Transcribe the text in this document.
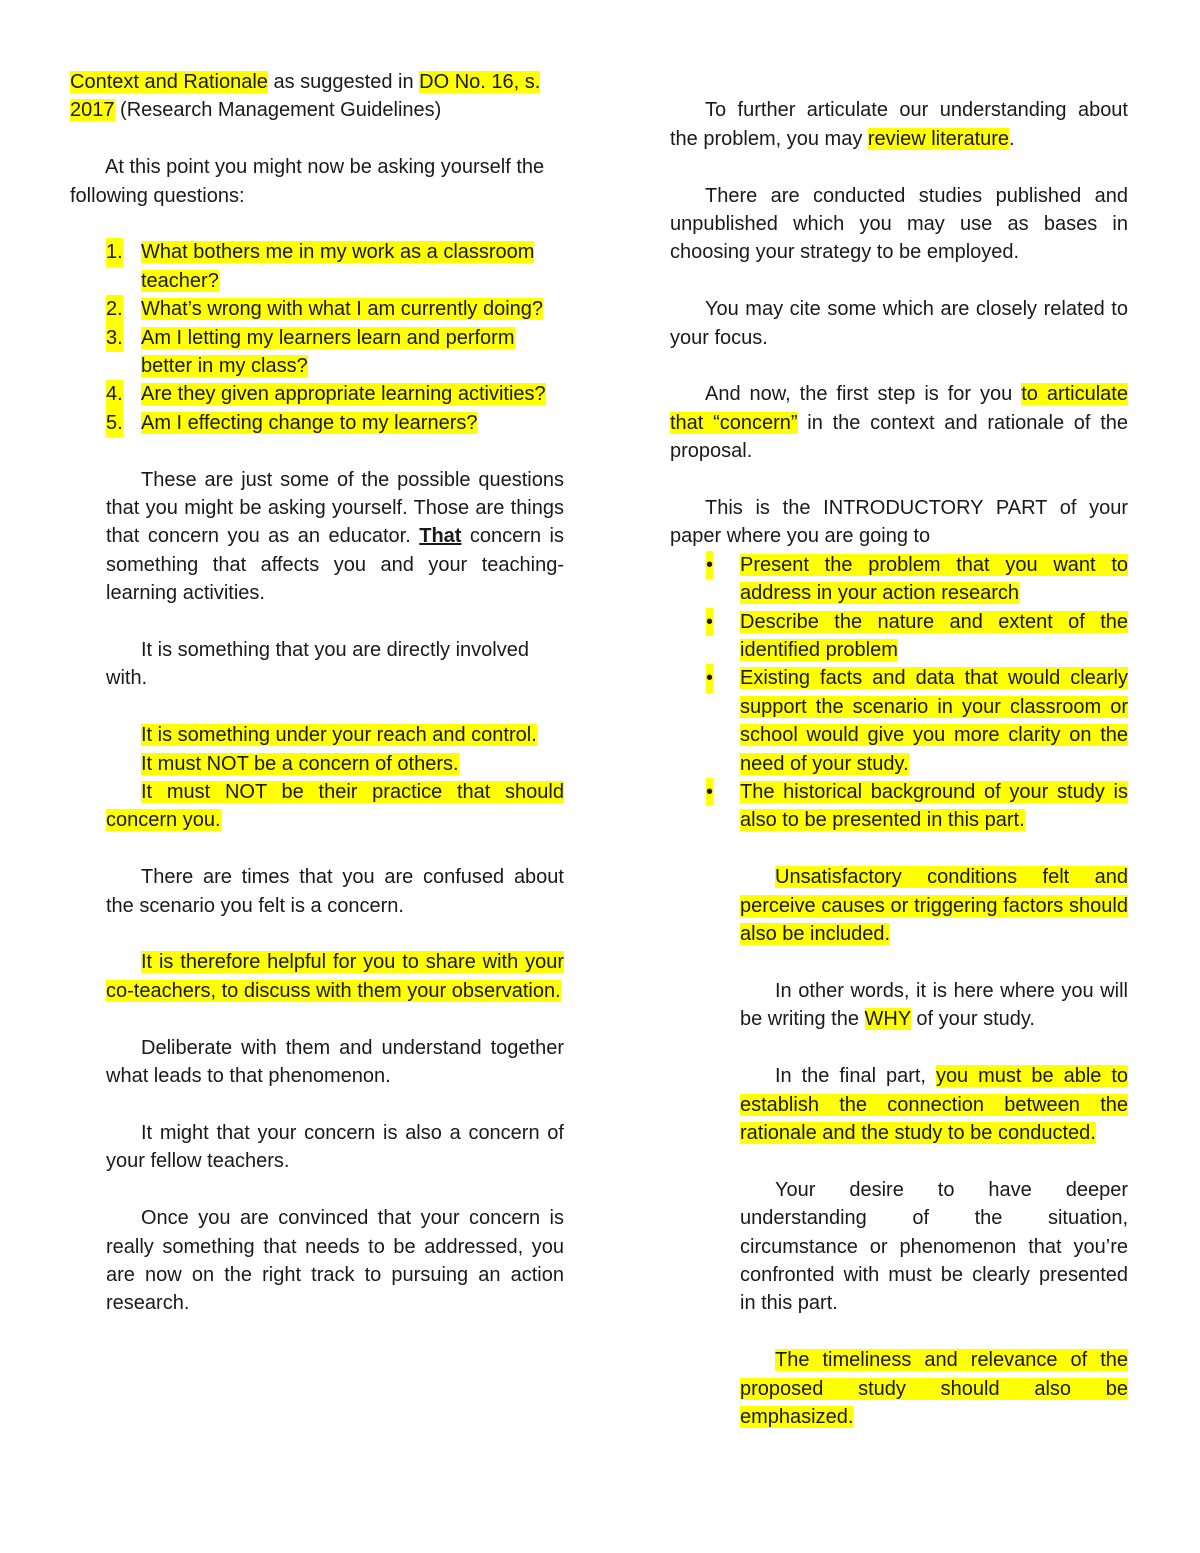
Context and Rationale as suggested in DO No. 16, s. 2017 (Research Management Guidelines)

At this point you might now be asking yourself the following questions:

1. What bothers me in my work as a classroom teacher?
2. What’s wrong with what I am currently doing?
3. Am I letting my learners learn and perform better in my class?
4. Are they given appropriate learning activities?
5. Am I effecting change to my learners?

These are just some of the possible questions that you might be asking yourself. Those are things that concern you as an educator. That concern is something that affects you and your teaching-learning activities.

It is something that you are directly involved with.

It is something under your reach and control.

It must NOT be a concern of others.

It must NOT be their practice that should concern you.

There are times that you are confused about the scenario you felt is a concern.

It is therefore helpful for you to share with your co-teachers, to discuss with them your observation.

Deliberate with them and understand together what leads to that phenomenon.

It might that your concern is also a concern of your fellow teachers.

Once you are convinced that your concern is really something that needs to be addressed, you are now on the right track to pursuing an action research.

To further articulate our understanding about the problem, you may review literature.

There are conducted studies published and unpublished which you may use as bases in choosing your strategy to be employed.

You may cite some which are closely related to your focus.

And now, the first step is for you to articulate that “concern” in the context and rationale of the proposal.

This is the INTRODUCTORY PART of your paper where you are going to

• Present the problem that you want to address in your action research
• Describe the nature and extent of the identified problem
• Existing facts and data that would clearly support the scenario in your classroom or school would give you more clarity on the need of your study.
• The historical background of your study is also to be presented in this part.

Unsatisfactory conditions felt and perceive causes or triggering factors should also be included.

In other words, it is here where you will be writing the WHY of your study.

In the final part, you must be able to establish the connection between the rationale and the study to be conducted.

Your desire to have deeper understanding of the situation, circumstance or phenomenon that you’re confronted with must be clearly presented in this part.

The timeliness and relevance of the proposed study should also be emphasized.
